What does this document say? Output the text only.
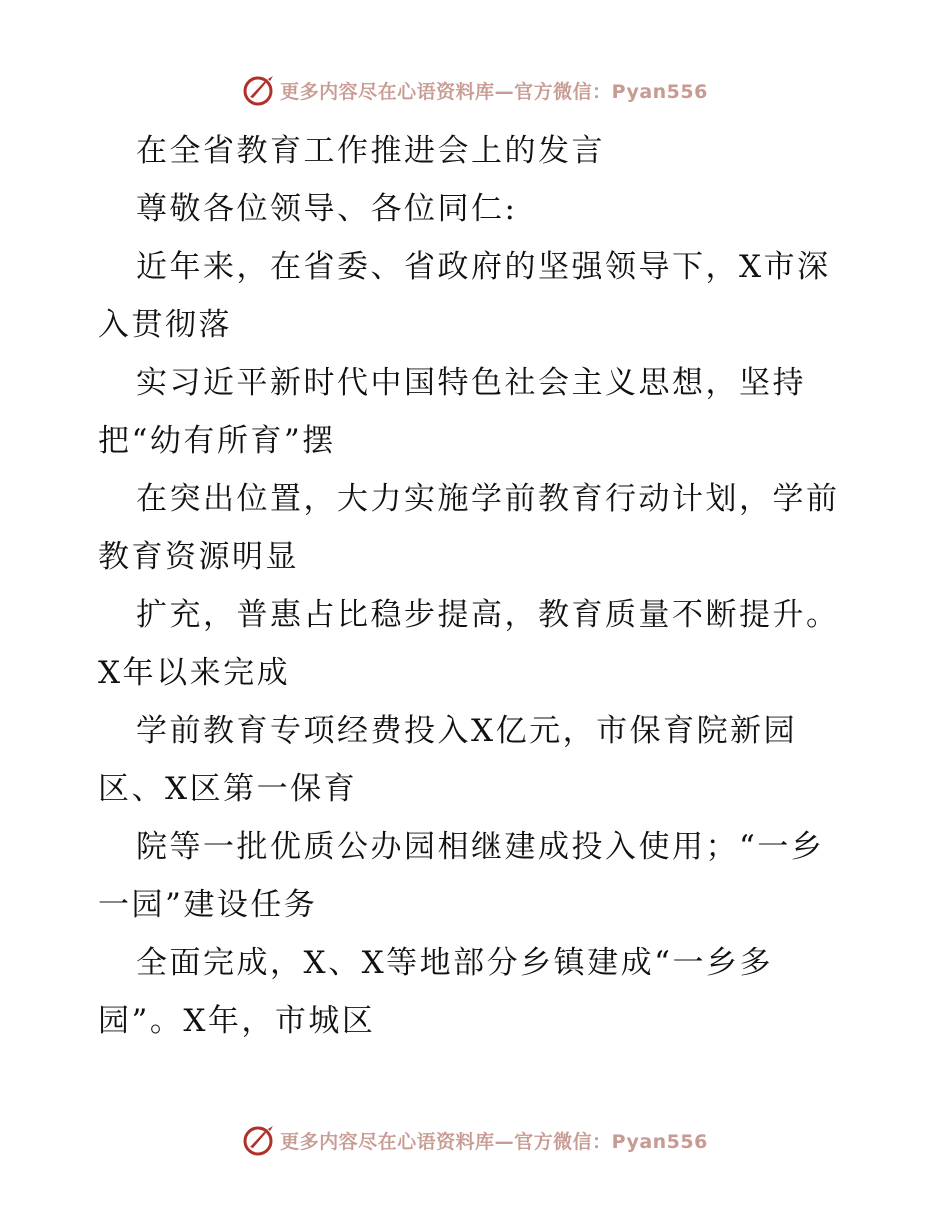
更多内容尽在心语资料库—官方微信：Pyan556
在全省教育工作推进会上的发言
尊敬各位领导、各位同仁:
近年来，在省委、省政府的坚强领导下，X市深
入贯彻落
实习近平新时代中国特色社会主义思想，坚持
把“幼有所育”摆
在突出位置，大力实施学前教育行动计划，学前
教育资源明显
扩充，普惠占比稳步提高，教育质量不断提升。
X年以来完成
学前教育专项经费投入X亿元，市保育院新园
区、X区第一保育
院等一批优质公办园相继建成投入使用；“一乡
一园”建设任务
全面完成，X、X等地部分乡镇建成“一乡多
园”。X年，市城区
更多内容尽在心语资料库—官方微信：Pyan556
